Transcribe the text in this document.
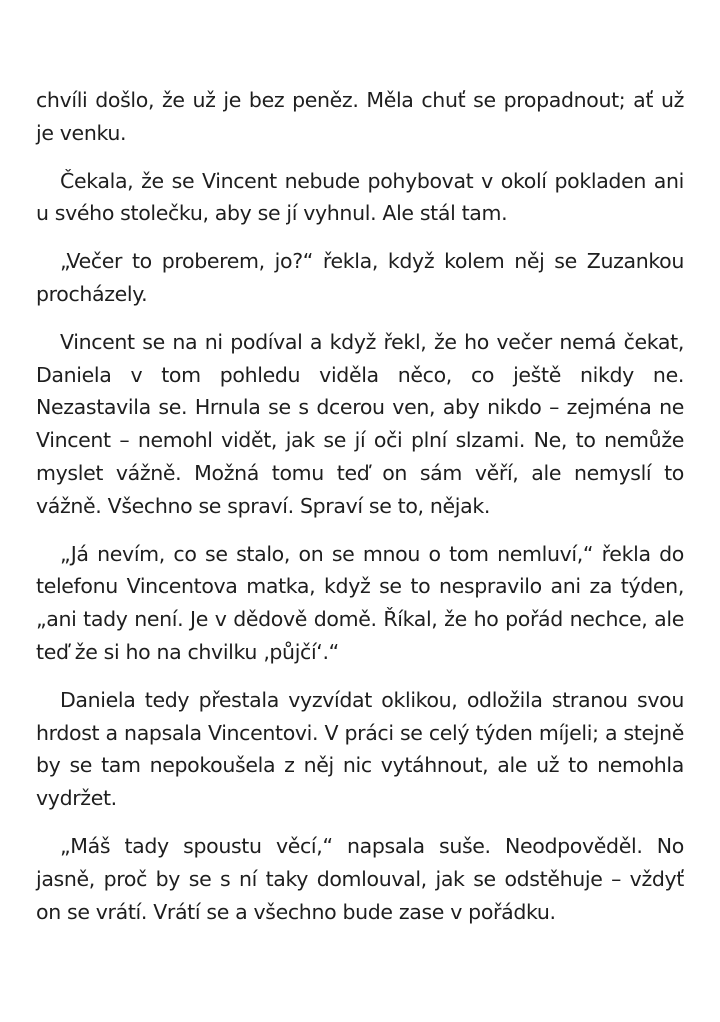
chvíli došlo, že už je bez peněz. Měla chuť se propadnout; ať už je venku.

Čekala, že se Vincent nebude pohybovat v okolí pokladen ani u svého stolečku, aby se jí vyhnul. Ale stál tam.

„Večer to proberem, jo?“ řekla, když kolem něj se Zuzankou procházely.

Vincent se na ni podíval a když řekl, že ho večer nemá čekat, Daniela v tom pohledu viděla něco, co ještě nikdy ne. Nezastavila se. Hrnula se s dcerou ven, aby nikdo – zejména ne Vincent – nemohl vidět, jak se jí oči plní slzami. Ne, to nemůže myslet vážně. Možná tomu teď on sám věří, ale nemyslí to vážně. Všechno se spraví. Spraví se to, nějak.

„Já nevím, co se stalo, on se mnou o tom nemluví,“ řekla do telefonu Vincentova matka, když se to nespravilo ani za týden, „ani tady není. Je v dědově domě. Říkal, že ho pořád nechce, ale teď že si ho na chvilku ‚půjčí‘.“

Daniela tedy přestala vyzvídat oklikou, odložila stranou svou hrdost a napsala Vincentovi. V práci se celý týden míjeli; a stejně by se tam nepokoušela z něj nic vytáhnout, ale už to nemohla vydržet.

„Máš tady spoustu věcí,“ napsala suše. Neodpověděl. No jasně, proč by se s ní taky domlouval, jak se odstěhuje – vždyť on se vrátí. Vrátí se a všechno bude zase v pořádku.
